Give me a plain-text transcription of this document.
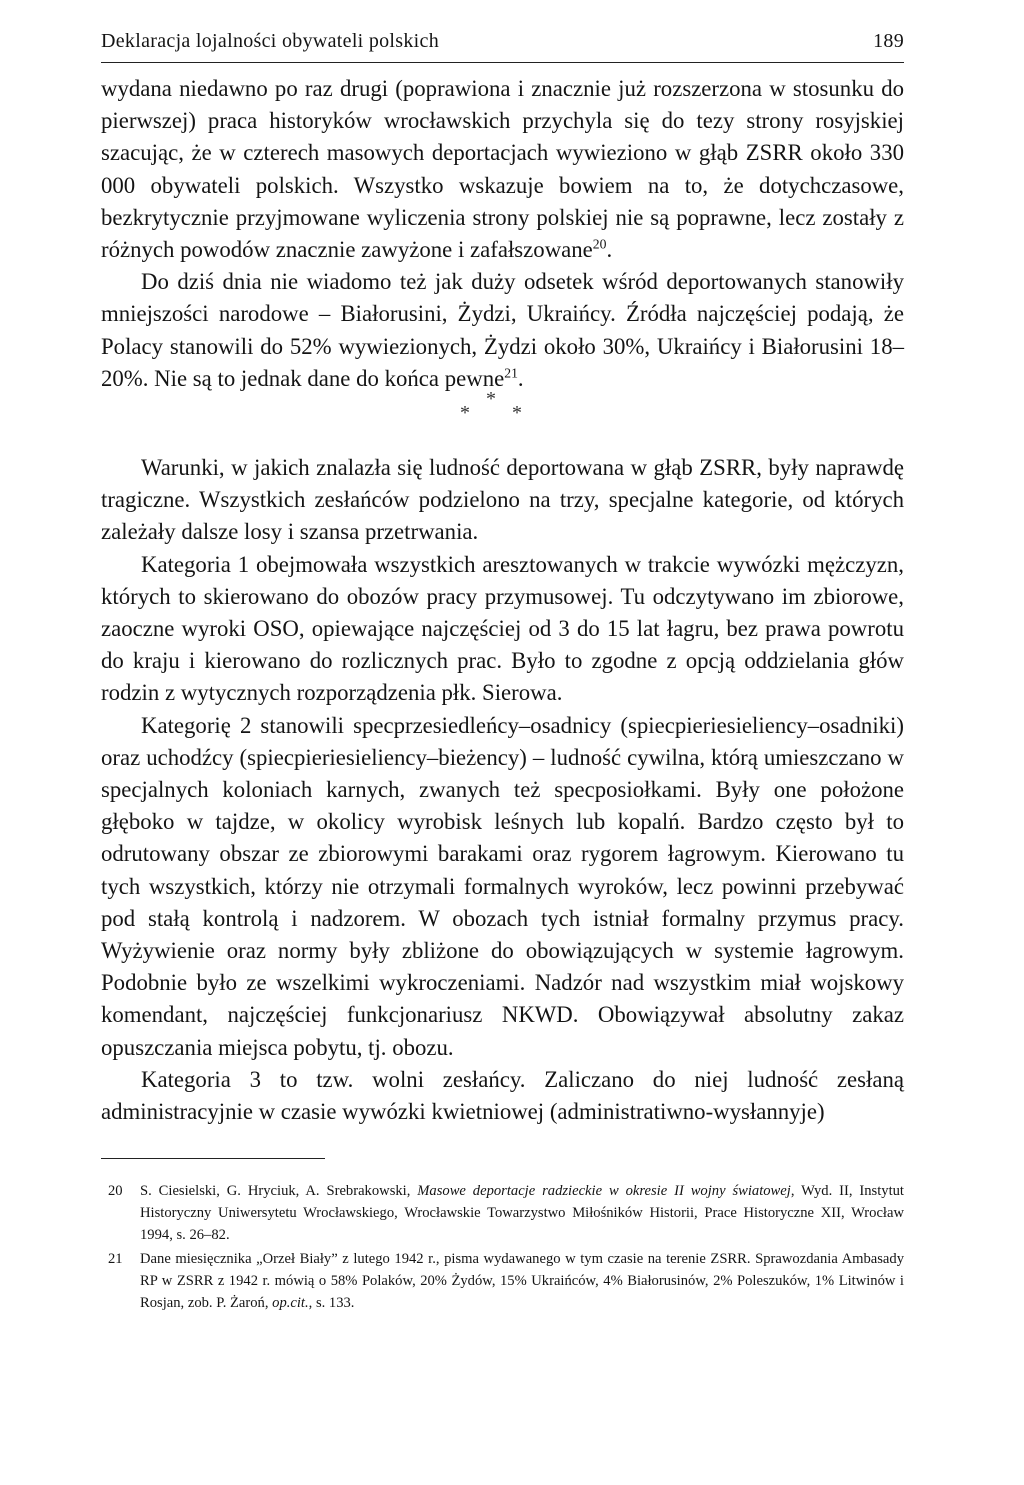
Deklaracja lojalności obywateli polskich	189

wydana niedawno po raz drugi (poprawiona i znacznie już rozszerzona w stosunku do pierwszej) praca historyków wrocławskich przychyla się do tezy strony rosyjskiej szacując, że w czterech masowych deportacjach wywieziono w głąb ZSRR około 330 000 obywateli polskich. Wszystko wskazuje bowiem na to, że dotychczasowe, bezkrytycznie przyjmowane wyliczenia strony polskiej nie są poprawne, lecz zostały z różnych powodów znacznie zawyżone i zafałszowane$^{20}$.

Do dziś dnia nie wiadomo też jak duży odsetek wśród deportowanych stanowiły mniejszości narodowe – Białorusini, Żydzi, Ukraińcy. Źródła najczęściej podają, że Polacy stanowili do 52% wywiezionych, Żydzi około 30%, Ukraińcy i Białorusini 18–20%. Nie są to jednak dane do końca pewne$^{21}$.

*
*
*

Warunki, w jakich znalazła się ludność deportowana w głąb ZSRR, były naprawdę tragiczne. Wszystkich zesłańców podzielono na trzy, specjalne kategorie, od których zależały dalsze losy i szansa przetrwania.

Kategoria 1 obejmowała wszystkich aresztowanych w trakcie wywózki mężczyzn, których to skierowano do obozów pracy przymusowej. Tu odczytywano im zbiorowe, zaoczne wyroki OSO, opiewające najczęściej od 3 do 15 lat łagru, bez prawa powrotu do kraju i kierowano do rozlicznych prac. Było to zgodne z opcją oddzielania głów rodzin z wytycznych rozporządzenia płk. Sierowa.

Kategorię 2 stanowili specprzesiedleńcy–osadnicy (spiecpieriesieliency–osadniki) oraz uchodźcy (spiecpieriesieliency–bieżency) – ludność cywilna, którą umieszczano w specjalnych koloniach karnych, zwanych też specposiołkami. Były one położone głęboko w tajdze, w okolicy wyrobisk leśnych lub kopalń. Bardzo często był to odrutowany obszar ze zbiorowymi barakami oraz rygorem łagrowym. Kierowano tu tych wszystkich, którzy nie otrzymali formalnych wyroków, lecz powinni przebywać pod stałą kontrolą i nadzorem. W obozach tych istniał formalny przymus pracy. Wyżywienie oraz normy były zbliżone do obowiązujących w systemie łagrowym. Podobnie było ze wszelkimi wykroczeniami. Nadzór nad wszystkim miał wojskowy komendant, najczęściej funkcjonariusz NKWD. Obowiązywał absolutny zakaz opuszczania miejsca pobytu, tj. obozu.

Kategoria 3 to tzw. wolni zesłańcy. Zaliczano do niej ludność zesłaną administracyjnie w czasie wywózki kwietniowej (administratiwno-wysłannyje)

20 S. Ciesielski, G. Hryciuk, A. Srebrakowski, Masowe deportacje radzieckie w okresie II wojny światowej, Wyd. II, Instytut Historyczny Uniwersytetu Wrocławskiego, Wrocławskie Towarzystwo Miłośników Historii, Prace Historyczne XII, Wrocław 1994, s. 26–82.
21 Dane miesięcznika „Orzeł Biały” z lutego 1942 r., pisma wydawanego w tym czasie na terenie ZSRR. Sprawozdania Ambasady RP w ZSRR z 1942 r. mówią o 58% Polaków, 20% Żydów, 15% Ukraińców, 4% Białorusinów, 2% Poleszuków, 1% Litwinów i Rosjan, zob. P. Żaroń, op.cit., s. 133.
